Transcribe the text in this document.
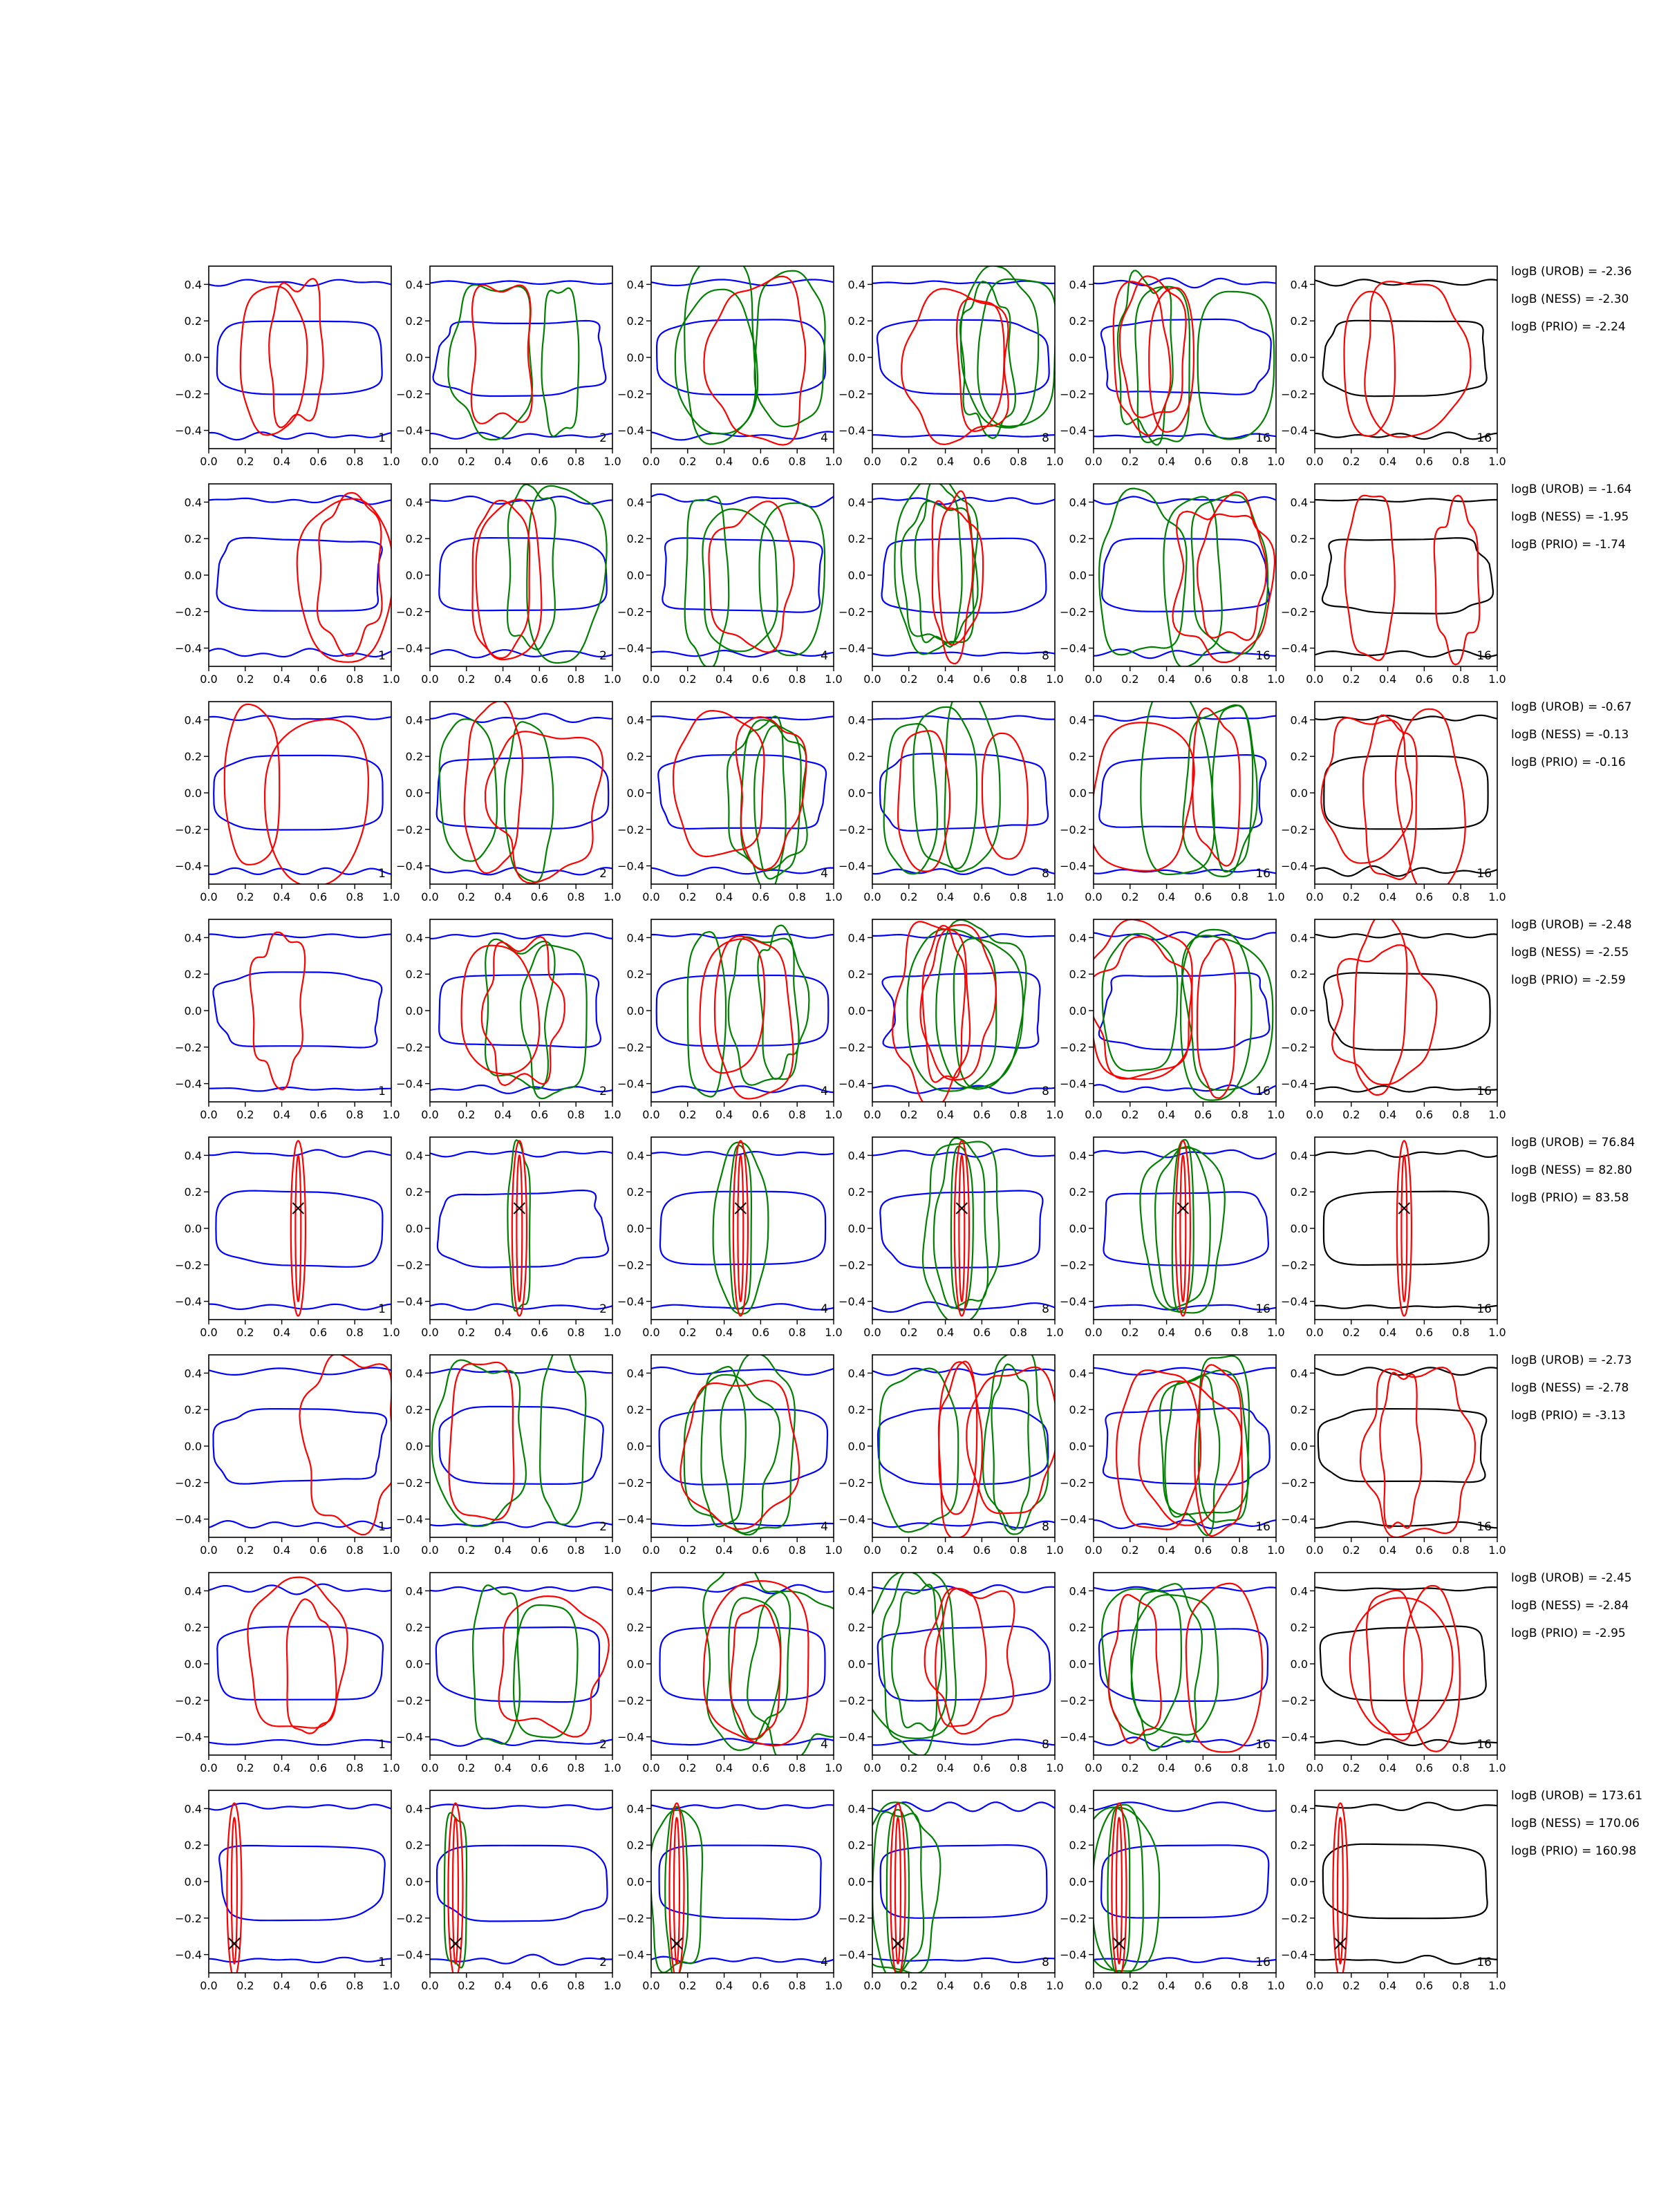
0.0 0.2 0.4 0.6 0.8 1.0
−0.4
−0.2
0.0
0.2
0.4
1
0.0 0.2 0.4 0.6 0.8 1.0
−0.4
−0.2
0.0
0.2
0.4
2
0.0 0.2 0.4 0.6 0.8 1.0
−0.4
−0.2
0.0
0.2
0.4
4
0.0 0.2 0.4 0.6 0.8 1.0
−0.4
−0.2
0.0
0.2
0.4
8
0.0 0.2 0.4 0.6 0.8 1.0
−0.4
−0.2
0.0
0.2
0.4
16
0.0 0.2 0.4 0.6 0.8 1.0
−0.4
−0.2
0.0
0.2
0.4
16
0.0 0.2 0.4 0.6 0.8 1.0
−0.4
−0.2
0.0
0.2
0.4
1
0.0 0.2 0.4 0.6 0.8 1.0
−0.4
−0.2
0.0
0.2
0.4
2
0.0 0.2 0.4 0.6 0.8 1.0
−0.4
−0.2
0.0
0.2
0.4
4
0.0 0.2 0.4 0.6 0.8 1.0
−0.4
−0.2
0.0
0.2
0.4
8
0.0 0.2 0.4 0.6 0.8 1.0
−0.4
−0.2
0.0
0.2
0.4
16
0.0 0.2 0.4 0.6 0.8 1.0
−0.4
−0.2
0.0
0.2
0.4
16
0.0 0.2 0.4 0.6 0.8 1.0
−0.4
−0.2
0.0
0.2
0.4
1
0.0 0.2 0.4 0.6 0.8 1.0
−0.4
−0.2
0.0
0.2
0.4
2
0.0 0.2 0.4 0.6 0.8 1.0
−0.4
−0.2
0.0
0.2
0.4
4
0.0 0.2 0.4 0.6 0.8 1.0
−0.4
−0.2
0.0
0.2
0.4
8
0.0 0.2 0.4 0.6 0.8 1.0
−0.4
−0.2
0.0
0.2
0.4
16
0.0 0.2 0.4 0.6 0.8 1.0
−0.4
−0.2
0.0
0.2
0.4
16
0.0 0.2 0.4 0.6 0.8 1.0
−0.4
−0.2
0.0
0.2
0.4
1
0.0 0.2 0.4 0.6 0.8 1.0
−0.4
−0.2
0.0
0.2
0.4
2
0.0 0.2 0.4 0.6 0.8 1.0
−0.4
−0.2
0.0
0.2
0.4
4
0.0 0.2 0.4 0.6 0.8 1.0
−0.4
−0.2
0.0
0.2
0.4
8
0.0 0.2 0.4 0.6 0.8 1.0
−0.4
−0.2
0.0
0.2
0.4
16
0.0 0.2 0.4 0.6 0.8 1.0
−0.4
−0.2
0.0
0.2
0.4
16
0.0 0.2 0.4 0.6 0.8 1.0
−0.4
−0.2
0.0
0.2
0.4
1
0.0 0.2 0.4 0.6 0.8 1.0
−0.4
−0.2
0.0
0.2
0.4
2
0.0 0.2 0.4 0.6 0.8 1.0
−0.4
−0.2
0.0
0.2
0.4
4
0.0 0.2 0.4 0.6 0.8 1.0
−0.4
−0.2
0.0
0.2
0.4
8
0.0 0.2 0.4 0.6 0.8 1.0
−0.4
−0.2
0.0
0.2
0.4
16
0.0 0.2 0.4 0.6 0.8 1.0
−0.4
−0.2
0.0
0.2
0.4
16
0.0 0.2 0.4 0.6 0.8 1.0
−0.4
−0.2
0.0
0.2
0.4
1
0.0 0.2 0.4 0.6 0.8 1.0
−0.4
−0.2
0.0
0.2
0.4
2
0.0 0.2 0.4 0.6 0.8 1.0
−0.4
−0.2
0.0
0.2
0.4
4
0.0 0.2 0.4 0.6 0.8 1.0
−0.4
−0.2
0.0
0.2
0.4
8
0.0 0.2 0.4 0.6 0.8 1.0
−0.4
−0.2
0.0
0.2
0.4
16
0.0 0.2 0.4 0.6 0.8 1.0
−0.4
−0.2
0.0
0.2
0.4
16
0.0 0.2 0.4 0.6 0.8 1.0
−0.4
−0.2
0.0
0.2
0.4
1
0.0 0.2 0.4 0.6 0.8 1.0
−0.4
−0.2
0.0
0.2
0.4
2
0.0 0.2 0.4 0.6 0.8 1.0
−0.4
−0.2
0.0
0.2
0.4
4
0.0 0.2 0.4 0.6 0.8 1.0
−0.4
−0.2
0.0
0.2
0.4
8
0.0 0.2 0.4 0.6 0.8 1.0
−0.4
−0.2
0.0
0.2
0.4
16
0.0 0.2 0.4 0.6 0.8 1.0
−0.4
−0.2
0.0
0.2
0.4
16
0.0 0.2 0.4 0.6 0.8 1.0
−0.4
−0.2
0.0
0.2
0.4
1
0.0 0.2 0.4 0.6 0.8 1.0
−0.4
−0.2
0.0
0.2
0.4
2
0.0 0.2 0.4 0.6 0.8 1.0
−0.4
−0.2
0.0
0.2
0.4
4
0.0 0.2 0.4 0.6 0.8 1.0
−0.4
−0.2
0.0
0.2
0.4
8
0.0 0.2 0.4 0.6 0.8 1.0
−0.4
−0.2
0.0
0.2
0.4
16
0.0 0.2 0.4 0.6 0.8 1.0
−0.4
−0.2
0.0
0.2
0.4
16
logB (UROB) = -2.36
logB (NESS) = -2.30
logB (PRIO) = -2.24
logB (UROB) = -1.64
logB (NESS) = -1.95
logB (PRIO) = -1.74
logB (UROB) = -0.67
logB (NESS) = -0.13
logB (PRIO) = -0.16
logB (UROB) = -2.48
logB (NESS) = -2.55
logB (PRIO) = -2.59
logB (UROB) = 76.84
logB (NESS) = 82.80
logB (PRIO) = 83.58
logB (UROB) = -2.73
logB (NESS) = -2.78
logB (PRIO) = -3.13
logB (UROB) = -2.45
logB (NESS) = -2.84
logB (PRIO) = -2.95
logB (UROB) = 173.61
logB (NESS) = 170.06
logB (PRIO) = 160.98
